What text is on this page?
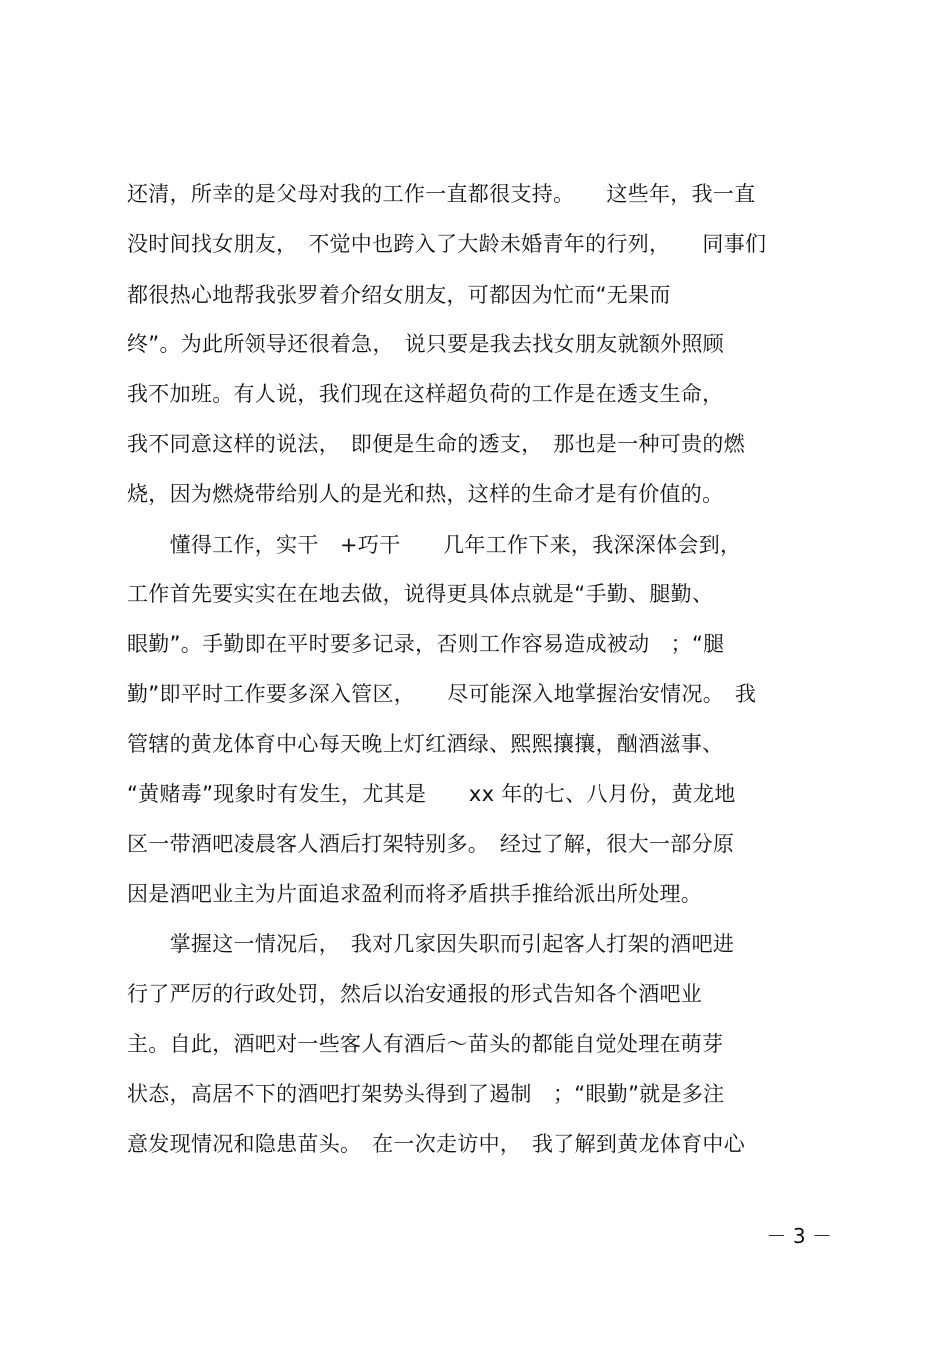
还清，所幸的是父母对我的工作一直都很支持。　　这些年，我一直
没时间找女朋友，　不觉中也跨入了大龄未婚青年的行列，　　同事们
都很热心地帮我张罗着介绍女朋友，可都因为忙而“无果而
终”。为此所领导还很着急，　说只要是我去找女朋友就额外照顾
我不加班。有人说，我们现在这样超负荷的工作是在透支生命，
我不同意这样的说法，　即便是生命的透支，　那也是一种可贵的燃
烧，因为燃烧带给别人的是光和热，这样的生命才是有价值的。
　　懂得工作，实干　+巧干　　几年工作下来，我深深体会到，
工作首先要实实在在地去做，说得更具体点就是“手勤、腿勤、
眼勤”。手勤即在平时要多记录，否则工作容易造成被动　；“腿
勤”即平时工作要多深入管区，　　尽可能深入地掌握治安情况。　我
管辖的黄龙体育中心每天晚上灯红酒绿、熙熙攘攘，酗酒滋事、
“黄赌毒”现象时有发生，尤其是　　xx 年的七、八月份，黄龙地
区一带酒吧凌晨客人酒后打架特别多。　经过了解，很大一部分原
因是酒吧业主为片面追求盈利而将矛盾拱手推给派出所处理。
　　掌握这一情况后，　我对几家因失职而引起客人打架的酒吧进
行了严厉的行政处罚，然后以治安通报的形式告知各个酒吧业
主。自此，酒吧对一些客人有酒后～苗头的都能自觉处理在萌芽
状态，高居不下的酒吧打架势头得到了遏制　；“眼勤”就是多注
意发现情况和隐患苗头。　在一次走访中，　我了解到黄龙体育中心
－ 3 －
